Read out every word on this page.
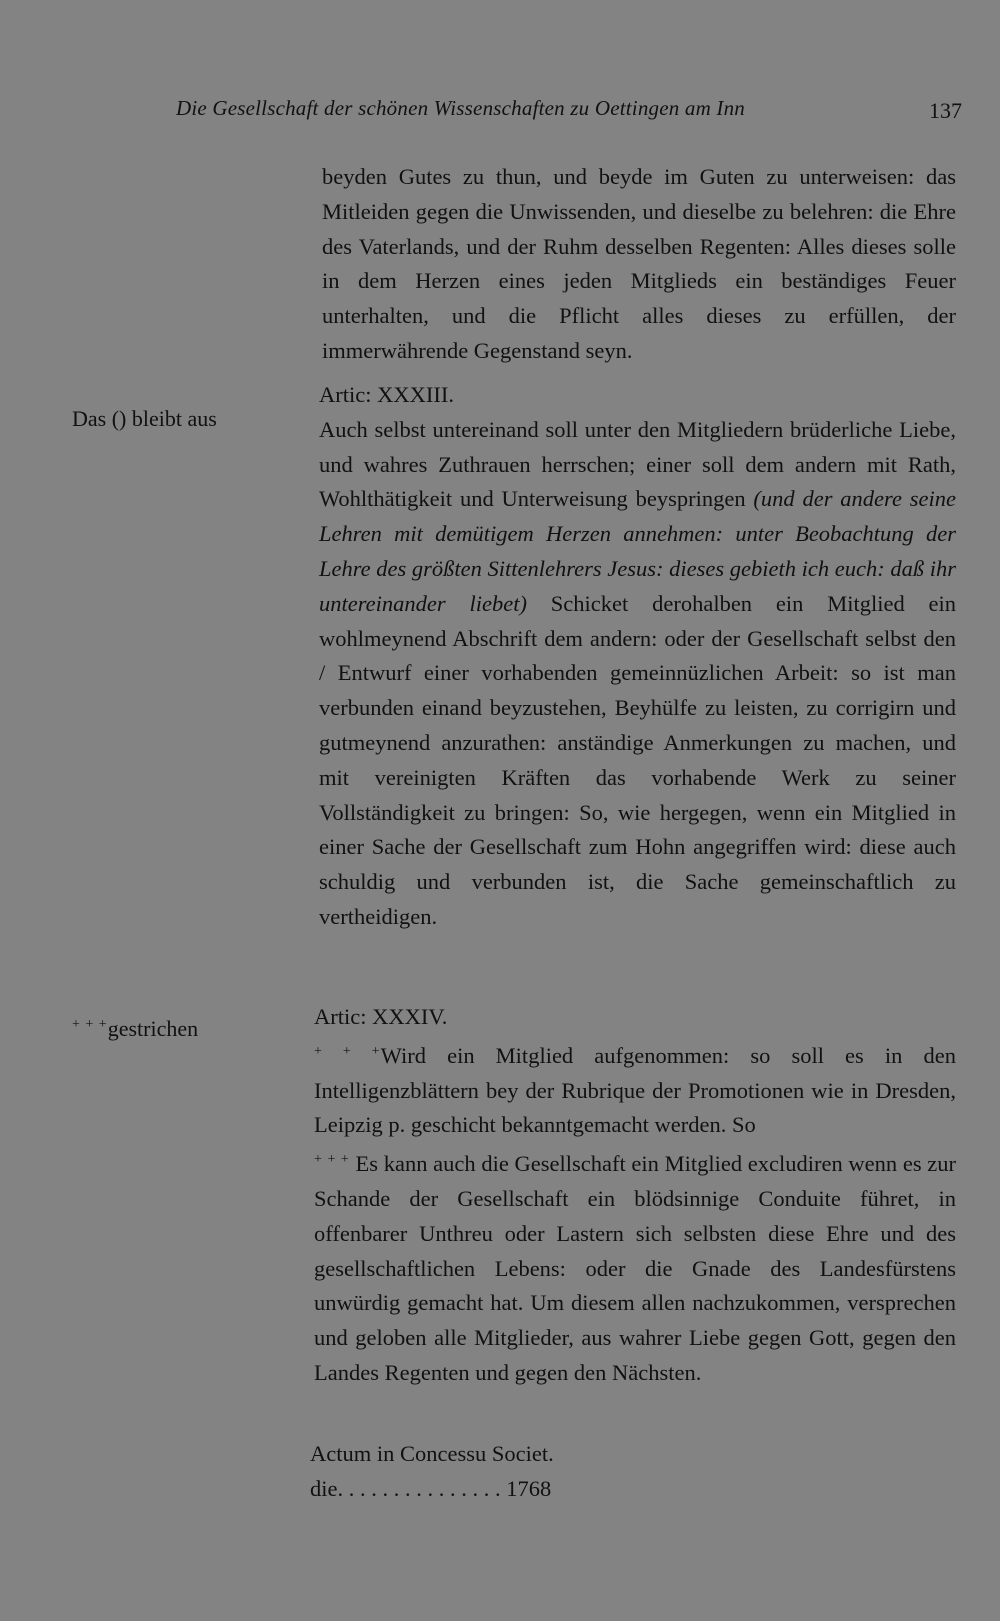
Die Gesellschaft der schönen Wissenschaften zu Oettingen am Inn	137
Das () bleibt aus
+ + +gestrichen

beyden Gutes zu thun, und beyde im Guten zu unterweisen: das Mitleiden gegen die Unwissenden, und dieselbe zu belehren: die Ehre des Vaterlands, und der Ruhm desselben Regenten: Alles dieses solle in dem Herzen eines jeden Mitglieds ein beständiges Feuer unterhalten, und die Pflicht alles dieses zu erfüllen, der immerwährende Gegenstand seyn.

Artic: XXXIII.

Auch selbst untereinand soll unter den Mitgliedern brüderliche Liebe, und wahres Zuthrauen herrschen; einer soll dem andern mit Rath, Wohlthätigkeit und Unterweisung beyspringen (und der andere seine Lehren mit demütigem Herzen annehmen: unter Beobachtung der Lehre des größten Sittenlehrers Jesus: dieses gebieth ich euch: daß ihr untereinander liebet) Schicket derohalben ein Mitglied ein wohlmeynend Abschrift dem andern: oder der Gesellschaft selbst den / Entwurf einer vorhabenden gemeinnüzlichen Arbeit: so ist man verbunden einand beyzustehen, Beyhülfe zu leisten, zu corrigirn und gutmeynend anzurathen: anständige Anmerkungen zu machen, und mit vereinigten Kräften das vorhabende Werk zu seiner Vollständigkeit zu bringen: So, wie hergegen, wenn ein Mitglied in einer Sache der Gesellschaft zum Hohn angegriffen wird: diese auch schuldig und verbunden ist, die Sache gemeinschaftlich zu vertheidigen.

Artic: XXXIV.

+ + +Wird ein Mitglied aufgenommen: so soll es in den Intelligenzblättern bey der Rubrique der Promotionen wie in Dresden, Leipzig p. geschicht bekanntgemacht werden. So
+ + + Es kann auch die Gesellschaft ein Mitglied excludiren wenn es zur Schande der Gesellschaft ein blödsinnige Conduite führet, in offenbarer Unthreu oder Lastern sich selbsten diese Ehre und des gesellschaftlichen Lebens: oder die Gnade des Landesfürstens unwürdig gemacht hat. Um diesem allen nachzukommen, versprechen und geloben alle Mitglieder, aus wahrer Liebe gegen Gott, gegen den Landes Regenten und gegen den Nächsten.

Actum in Concessu Societ.

die. . . . . . . . . . . . . . . 1768
